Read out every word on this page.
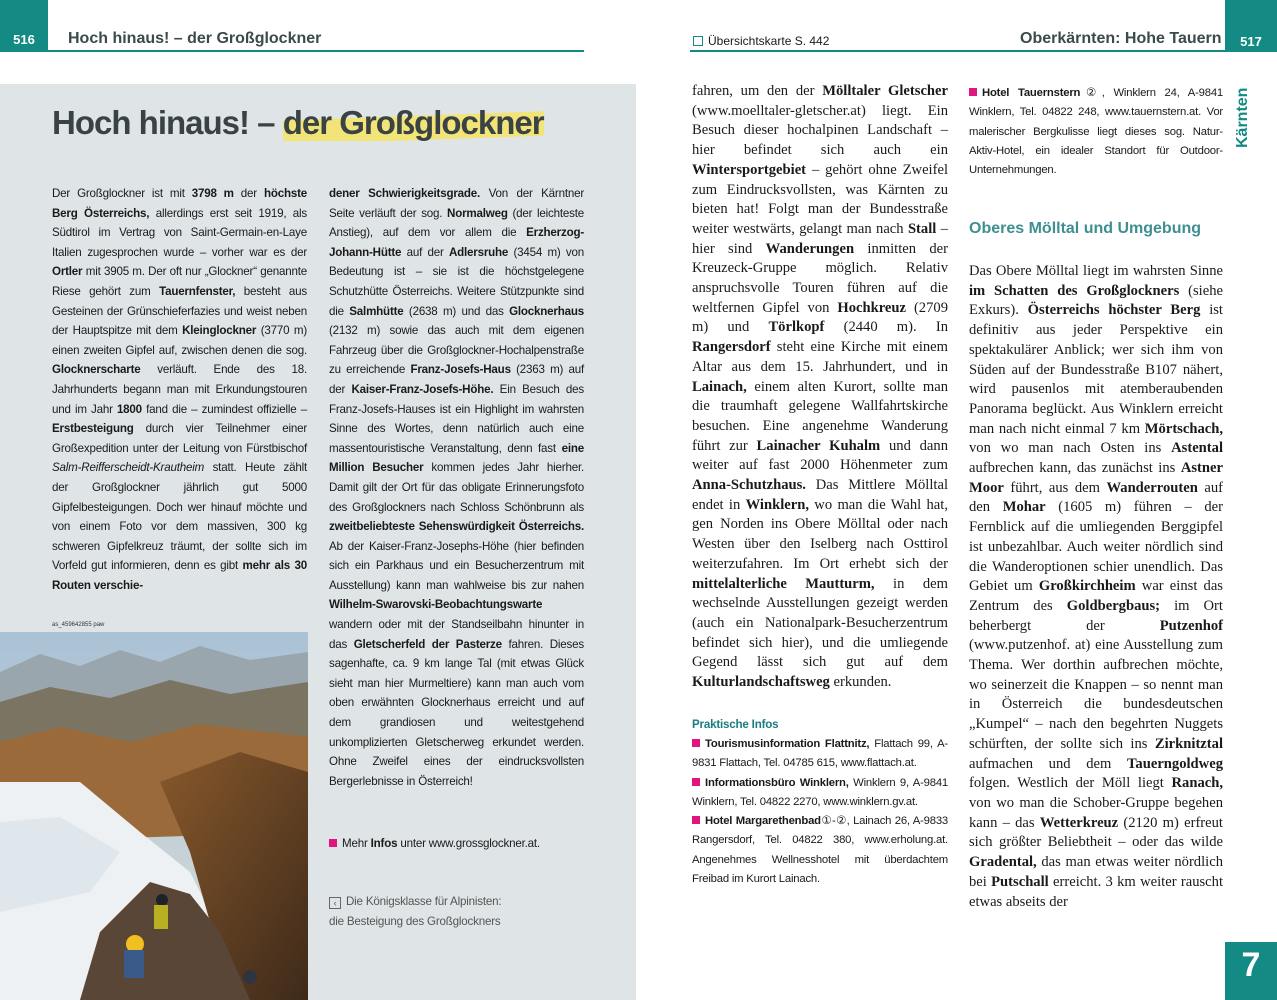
516	Hoch hinaus! – der Großglockner	Übersichtskarte S. 442	Oberkärnten: Hohe Tauern	517
Hoch hinaus! – der Großglockner

Der Großglockner ist mit 3798 m der höchste Berg Österreichs, allerdings erst seit 1919, als Südtirol im Vertrag von Saint-Germain-en-Laye Italien zugesprochen wurde – vorher war es der Ortler mit 3905 m. Der oft nur „Glockner“ genannte Riese gehört zum Tauernfenster, besteht aus Gesteinen der Grünschieferfazies und weist neben der Hauptspitze mit dem Kleinglockner (3770 m) einen zweiten Gipfel auf, zwischen denen die sog. Glocknerscharte verläuft. Ende des 18. Jahrhunderts begann man mit Erkundungstouren und im Jahr 1800 fand die – zumindest offizielle – Erstbesteigung durch vier Teilnehmer einer Großexpedition unter der Leitung von Fürstbischof Salm-Reifferscheidt-Krautheim statt. Heute zählt der Großglockner jährlich gut 5000 Gipfelbesteigungen. Doch wer hinauf möchte und von einem Foto vor dem massiven, 300 kg schweren Gipfelkreuz träumt, der sollte sich im Vorfeld gut informieren, denn es gibt mehr als 30 Routen verschie-

as_459642855 paw

dener Schwierigkeitsgrade. Von der Kärntner Seite verläuft der sog. Normalweg (der leichteste Anstieg), auf dem vor allem die Erzherzog-Johann-Hütte auf der Adlersruhe (3454 m) von Bedeutung ist – sie ist die höchstgelegene Schutzhütte Österreichs. Weitere Stützpunkte sind die Salmhütte (2638 m) und das Glocknerhaus (2132 m) sowie das auch mit dem eigenen Fahrzeug über die Großglockner-Hochalpenstraße zu erreichende Franz-Josefs-Haus (2363 m) auf der Kaiser-Franz-Josefs-Höhe. Ein Besuch des Franz-Josefs-Hauses ist ein Highlight im wahrsten Sinne des Wortes, denn natürlich auch eine massentouristische Veranstaltung, denn fast eine Million Besucher kommen jedes Jahr hierher. Damit gilt der Ort für das obligate Erinnerungsfoto des Großglockners nach Schloss Schönbrunn als zweitbeliebteste Sehenswürdigkeit Österreichs. Ab der Kaiser-Franz-Josephs-Höhe (hier befinden sich ein Parkhaus und ein Besucherzentrum mit Ausstellung) kann man wahlweise bis zur nahen Wilhelm-Swarovski-Beobachtungswarte wandern oder mit der Standseilbahn hinunter in das Gletscherfeld der Pasterze fahren. Dieses sagenhafte, ca. 9 km lange Tal (mit etwas Glück sieht man hier Murmeltiere) kann man auch vom oben erwähnten Glocknerhaus erreicht und auf dem grandiosen und weitestgehend unkomplizierten Gletscherweg erkundet werden. Ohne Zweifel eines der eindrucksvollsten Bergerlebnisse in Österreich!

Mehr Infos unter www.grossglockner.at.
‹ Die Königsklasse für Alpinisten:
die Besteigung des Großglockners

fahren, um den der Mölltaler Gletscher (www.moelltaler-gletscher.at) liegt. Ein Besuch dieser hochalpinen Landschaft – hier befindet sich auch ein Wintersportgebiet – gehört ohne Zweifel zum Eindrucksvollsten, was Kärnten zu bieten hat! Folgt man der Bundesstraße weiter westwärts, gelangt man nach Stall – hier sind Wanderungen inmitten der Kreuzeck-Gruppe möglich. Relativ anspruchsvolle Touren führen auf die weltfernen Gipfel von Hochkreuz (2709 m) und Törlkopf (2440 m). In Rangersdorf steht eine Kirche mit einem Altar aus dem 15. Jahrhundert, und in Lainach, einem alten Kurort, sollte man die traumhaft gelegene Wallfahrtskirche besuchen. Eine angenehme Wanderung führt zur Lainacher Kuhalm und dann weiter auf fast 2000 Höhenmeter zum Anna-Schutzhaus. Das Mittlere Mölltal endet in Winklern, wo man die Wahl hat, gen Norden ins Obere Mölltal oder nach Westen über den Iselberg nach Osttirol weiterzufahren. Im Ort erhebt sich der mittelalterliche Mautturm, in dem wechselnde Ausstellungen gezeigt werden (auch ein Nationalpark-Besucherzentrum befindet sich hier), und die umliegende Gegend lässt sich gut auf dem Kulturlandschaftsweg erkunden.

Praktische Infos

Tourismusinformation Flattnitz, Flattach 99, A-9831 Flattach, Tel. 04785 615, www.flattach.at.

Informationsbüro Winklern, Winklern 9, A-9841 Winklern, Tel. 04822 2270, www.winklern.gv.at.

Hotel Margarethenbad①-②, Lainach 26, A-9833 Rangersdorf, Tel. 04822 380, www.erholung.at. Angenehmes Wellnesshotel mit überdachtem Freibad im Kurort Lainach.

Hotel Tauernstern②, Winklern 24, A-9841 Winklern, Tel. 04822 248, www.tauernstern.at. Vor malerischer Bergkulisse liegt dieses sog. Natur-Aktiv-Hotel, ein idealer Standort für Outdoor-Unternehmungen.

Oberes Mölltal und Umgebung

Das Obere Mölltal liegt im wahrsten Sinne im Schatten des Großglockners (siehe Exkurs). Österreichs höchster Berg ist definitiv aus jeder Perspektive ein spektakulärer Anblick; wer sich ihm von Süden auf der Bundesstraße B107 nähert, wird pausenlos mit atemberaubenden Panorama beglückt. Aus Winklern erreicht man nach nicht einmal 7 km Mörtschach, von wo man nach Osten ins Astental aufbrechen kann, das zunächst ins Astner Moor führt, aus dem Wanderrouten auf den Mohar (1605 m) führen – der Fernblick auf die umliegenden Berggipfel ist unbezahlbar. Auch weiter nördlich sind die Wanderoptionen schier unendlich. Das Gebiet um Großkirchheim war einst das Zentrum des Goldbergbaus; im Ort beherbergt der Putzenhof (www.putzenhof. at) eine Ausstellung zum Thema. Wer dorthin aufbrechen möchte, wo seinerzeit die Knappen – so nennt man in Österreich die bundesdeutschen „Kumpel“ – nach den begehrten Nuggets schürften, der sollte sich ins Zirknitztal aufmachen und dem Tauerngoldweg folgen. Westlich der Möll liegt Ranach, von wo man die Schober-Gruppe begehen kann – das Wetterkreuz (2120 m) erfreut sich größter Beliebtheit – oder das wilde Gradental, das man etwas weiter nördlich bei Putschall erreicht. 3 km weiter rauscht etwas abseits der

Kärnten
7
